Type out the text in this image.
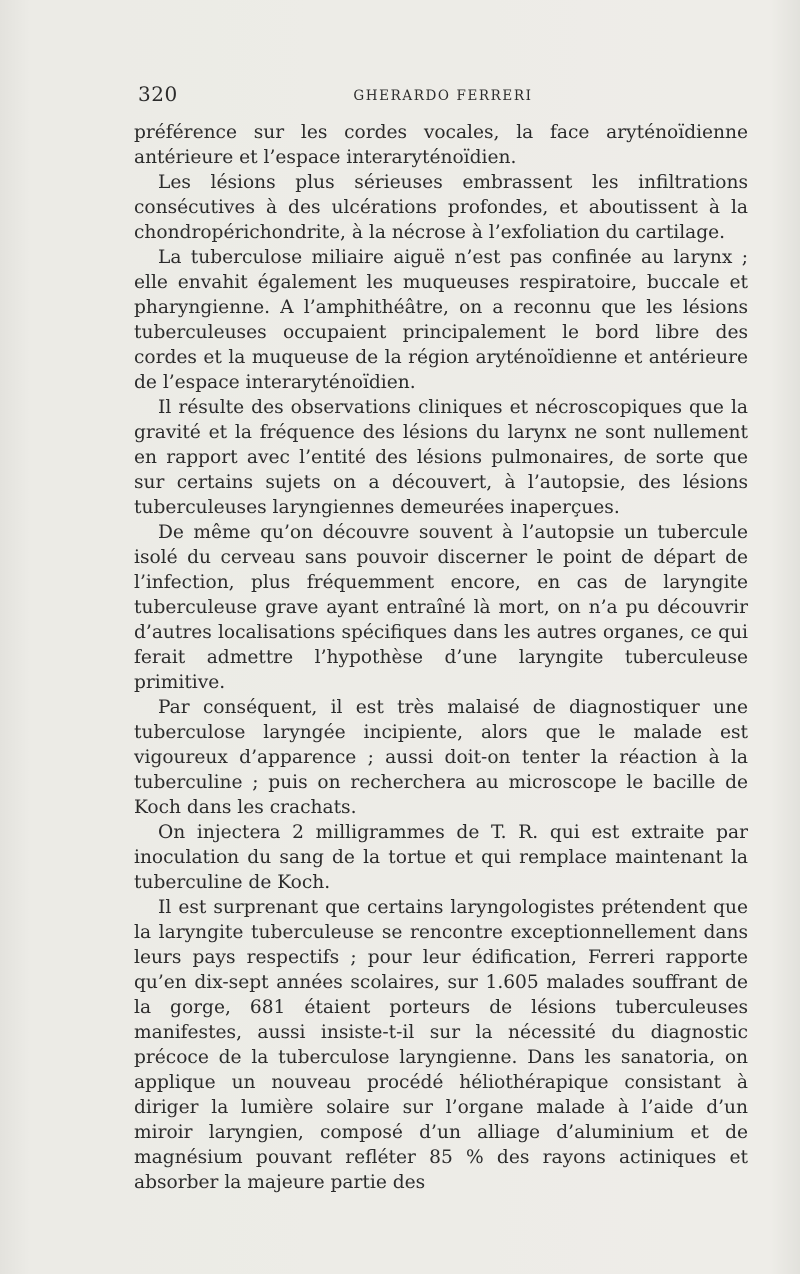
320	GHERARDO FERRERI

préférence sur les cordes vocales, la face aryténoïdienne antérieure et l’espace interaryténoïdien.

Les lésions plus sérieuses embrassent les infiltrations consécutives à des ulcérations profondes, et aboutissent à la chondropérichondrite, à la nécrose à l’exfoliation du cartilage.

La tuberculose miliaire aiguë n’est pas confinée au larynx ; elle envahit également les muqueuses respiratoire, buccale et pharyngienne. A l’amphithéâtre, on a reconnu que les lésions tuberculeuses occupaient principalement le bord libre des cordes et la muqueuse de la région aryténoïdienne et antérieure de l’espace interaryténoïdien.

Il résulte des observations cliniques et nécroscopiques que la gravité et la fréquence des lésions du larynx ne sont nullement en rapport avec l’entité des lésions pulmonaires, de sorte que sur certains sujets on a découvert, à l’autopsie, des lésions tuberculeuses laryngiennes demeurées inaperçues.

De même qu’on découvre souvent à l’autopsie un tubercule isolé du cerveau sans pouvoir discerner le point de départ de l’infection, plus fréquemment encore, en cas de laryngite tuberculeuse grave ayant entraîné là mort, on n’a pu découvrir d’autres localisations spécifiques dans les autres organes, ce qui ferait admettre l’hypothèse d’une laryngite tuberculeuse primitive.

Par conséquent, il est très malaisé de diagnostiquer une tuberculose laryngée incipiente, alors que le malade est vigoureux d’apparence ; aussi doit-on tenter la réaction à la tuberculine ; puis on recherchera au microscope le bacille de Koch dans les crachats.

On injectera 2 milligrammes de T. R. qui est extraite par inoculation du sang de la tortue et qui remplace maintenant la tuberculine de Koch.

Il est surprenant que certains laryngologistes prétendent que la laryngite tuberculeuse se rencontre exceptionnellement dans leurs pays respectifs ; pour leur édification, Ferreri rapporte qu’en dix-sept années scolaires, sur 1.605 malades souffrant de la gorge, 681 étaient porteurs de lésions tuberculeuses manifestes, aussi insiste-t-il sur la nécessité du diagnostic précoce de la tuberculose laryngienne. Dans les sanatoria, on applique un nouveau procédé héliothérapique consistant à diriger la lumière solaire sur l’organe malade à l’aide d’un miroir laryngien, composé d’un alliage d’aluminium et de magnésium pouvant refléter 85 % des rayons actiniques et absorber la majeure partie des
